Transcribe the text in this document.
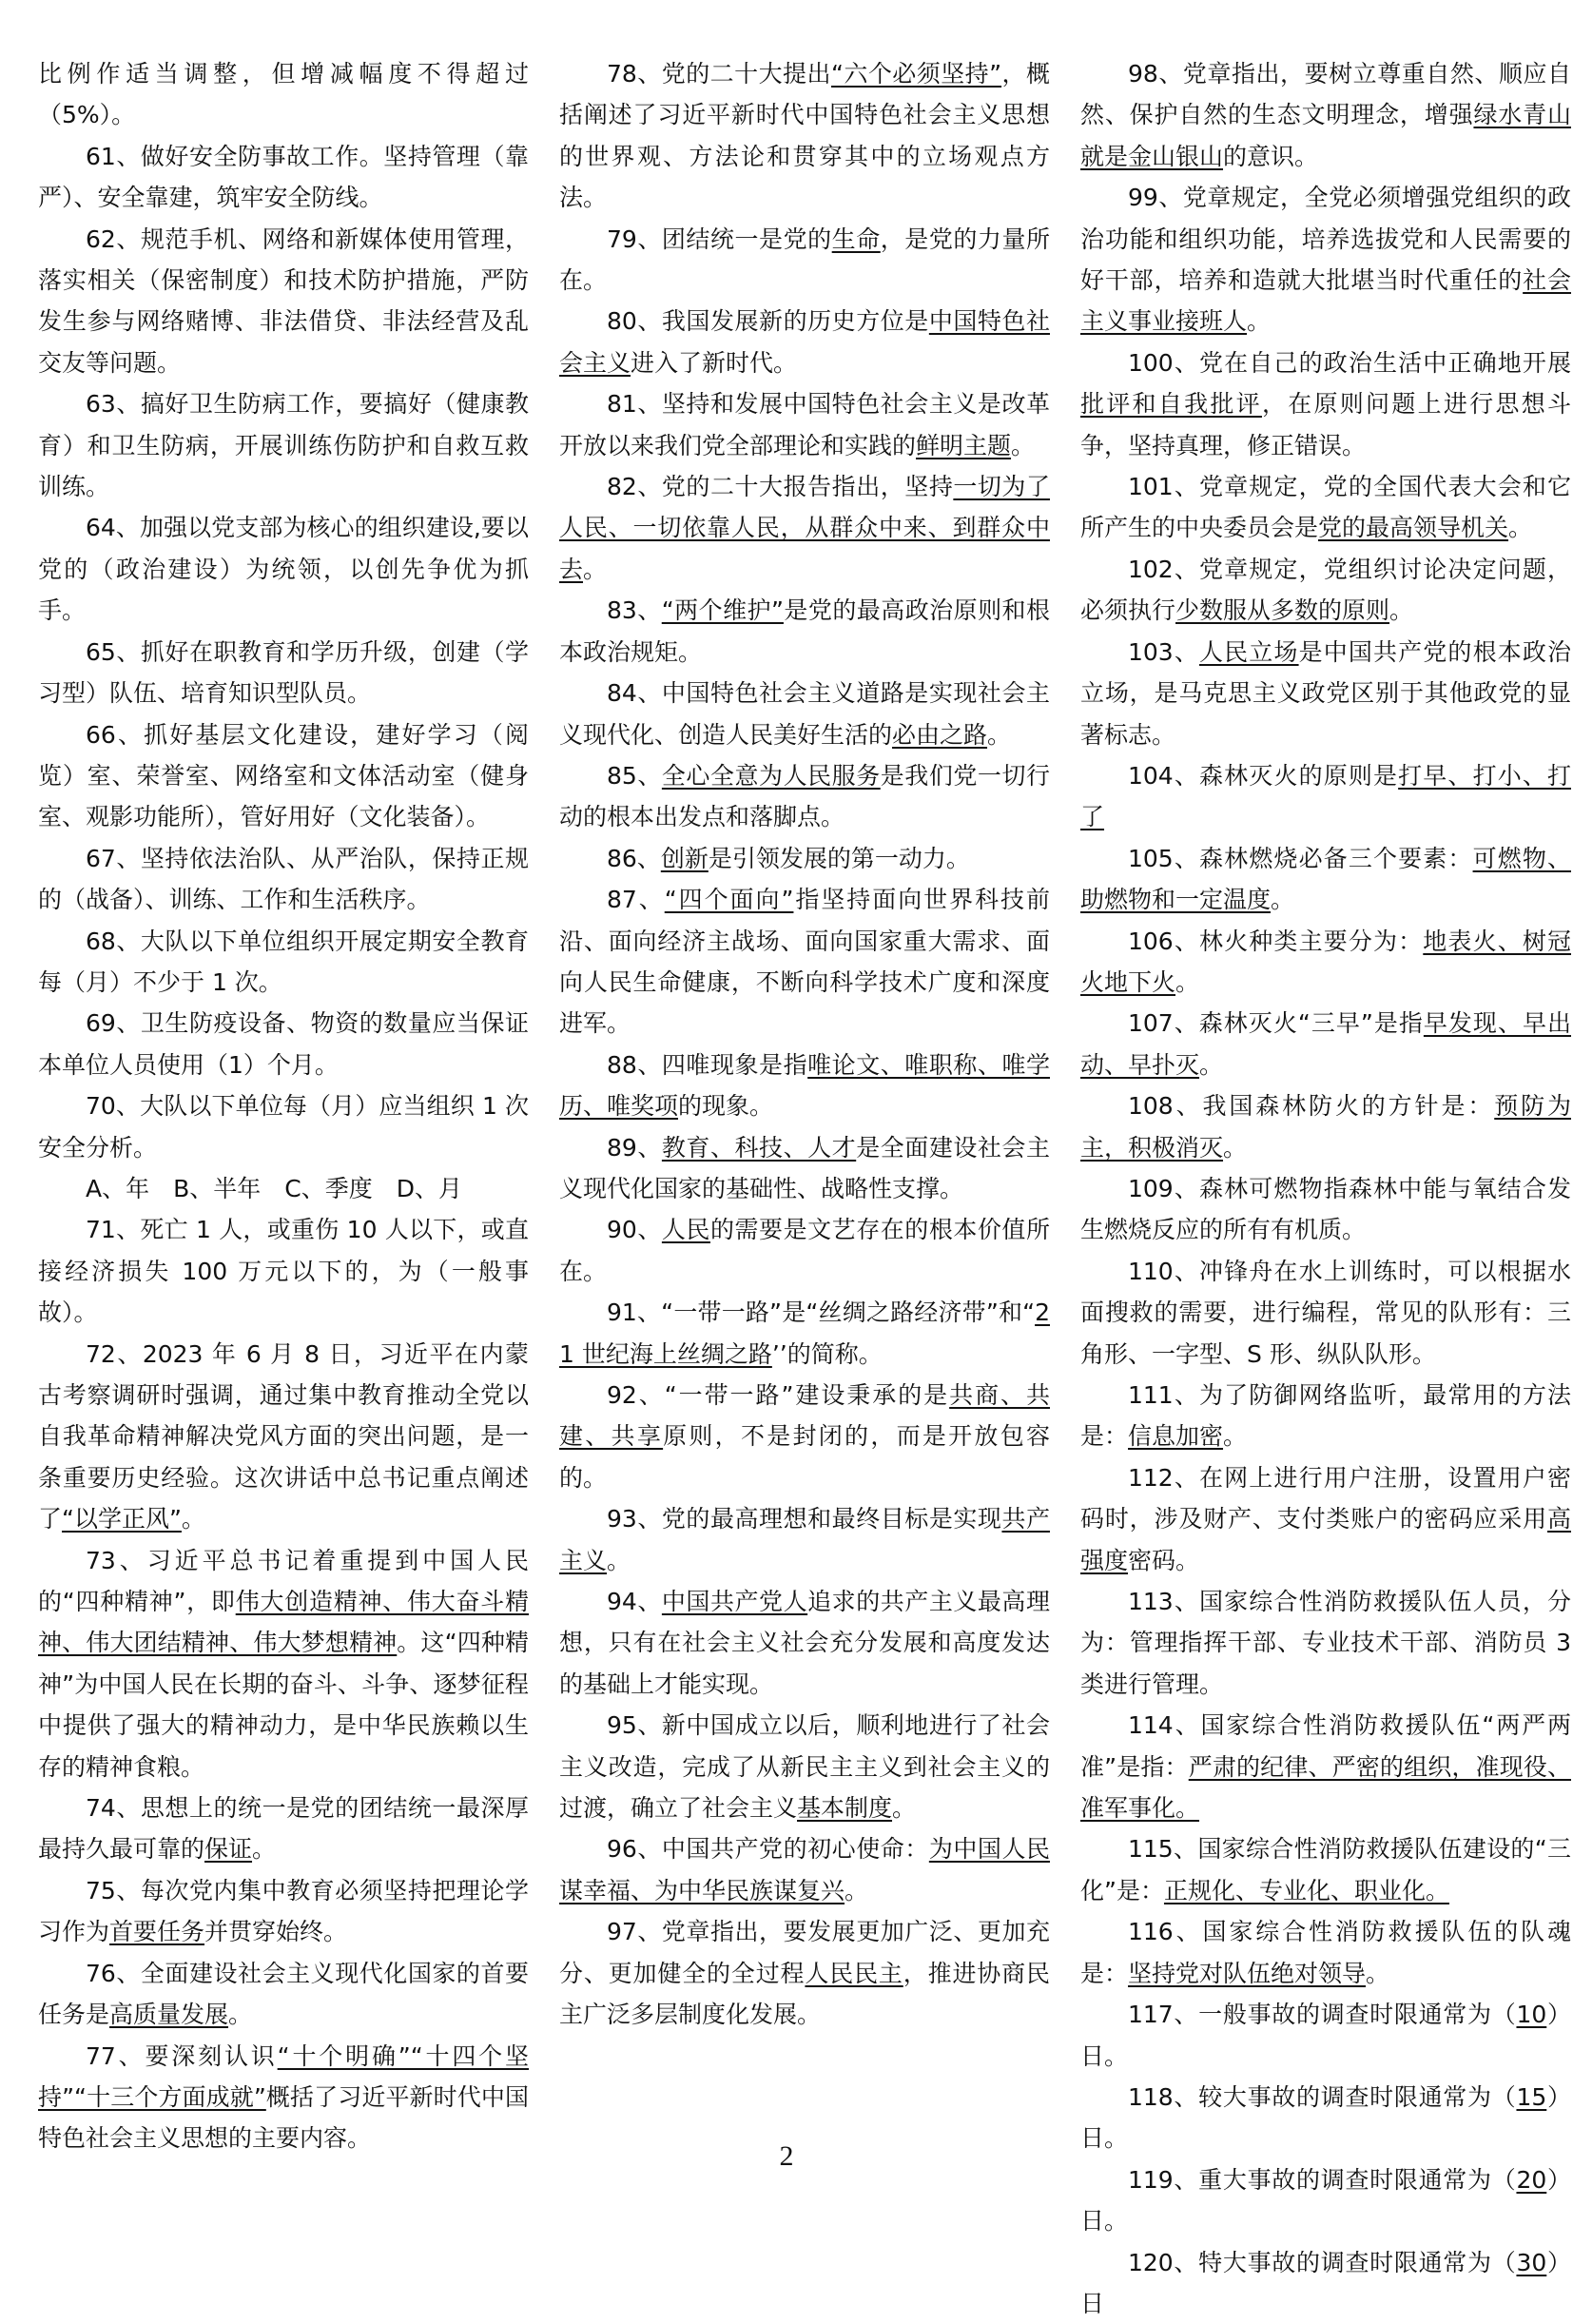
比例作适当调整，但增减幅度不得超过（5%）。

61、做好安全防事故工作。坚持管理（靠严）、安全靠建，筑牢安全防线。

62、规范手机、网络和新媒体使用管理，落实相关（保密制度）和技术防护措施，严防发生参与网络赌博、非法借贷、非法经营及乱交友等问题。

63、搞好卫生防病工作，要搞好（健康教育）和卫生防病，开展训练伤防护和自救互救训练。

64、加强以党支部为核心的组织建设,要以党的（政治建设）为统领，以创先争优为抓手。

65、抓好在职教育和学历升级，创建（学习型）队伍、培育知识型队员。

66、抓好基层文化建设，建好学习（阅览）室、荣誉室、网络室和文体活动室（健身室、观影功能所），管好用好（文化装备）。

67、坚持依法治队、从严治队，保持正规的（战备）、训练、工作和生活秩序。

68、大队以下单位组织开展定期安全教育每（月）不少于 1 次。

69、卫生防疫设备、物资的数量应当保证本单位人员使用（1）个月。

70、大队以下单位每（月）应当组织 1 次安全分析。

A、年　B、半年　C、季度　D、月

71、死亡 1 人，或重伤 10 人以下，或直接经济损失 100 万元以下的，为（一般事故）。

72、2023 年 6 月 8 日，习近平在内蒙古考察调研时强调，通过集中教育推动全党以自我革命精神解决党风方面的突出问题，是一条重要历史经验。这次讲话中总书记重点阐述了“以学正风”。

73、习近平总书记着重提到中国人民的“四种精神”，即伟大创造精神、伟大奋斗精神、伟大团结精神、伟大梦想精神。这“四种精神”为中国人民在长期的奋斗、斗争、逐梦征程中提供了强大的精神动力，是中华民族赖以生存的精神食粮。

74、思想上的统一是党的团结统一最深厚最持久最可靠的保证。

75、每次党内集中教育必须坚持把理论学习作为首要任务并贯穿始终。

76、全面建设社会主义现代化国家的首要任务是高质量发展。

77、要深刻认识“十个明确”“十四个坚持”“十三个方面成就”概括了习近平新时代中国特色社会主义思想的主要内容。

78、党的二十大提出“六个必须坚持”，概括阐述了习近平新时代中国特色社会主义思想的世界观、方法论和贯穿其中的立场观点方法。

79、团结统一是党的生命，是党的力量所在。

80、我国发展新的历史方位是中国特色社会主义进入了新时代。

81、坚持和发展中国特色社会主义是改革开放以来我们党全部理论和实践的鲜明主题。

82、党的二十大报告指出，坚持一切为了人民、一切依靠人民，从群众中来、到群众中去。

83、“两个维护”是党的最高政治原则和根本政治规矩。

84、中国特色社会主义道路是实现社会主义现代化、创造人民美好生活的必由之路。

85、全心全意为人民服务是我们党一切行动的根本出发点和落脚点。

86、创新是引领发展的第一动力。

87、“四个面向”指坚持面向世界科技前沿、面向经济主战场、面向国家重大需求、面向人民生命健康，不断向科学技术广度和深度进军。

88、四唯现象是指唯论文、唯职称、唯学历、唯奖项的现象。

89、教育、科技、人才是全面建设社会主义现代化国家的基础性、战略性支撑。

90、人民的需要是文艺存在的根本价值所在。

91、“一带一路”是“丝绸之路经济带”和“21 世纪海上丝绸之路’’的简称。

92、“一带一路”建设秉承的是共商、共建、共享原则，不是封闭的，而是开放包容的。

93、党的最高理想和最终目标是实现共产主义。

94、中国共产党人追求的共产主义最高理想，只有在社会主义社会充分发展和高度发达的基础上才能实现。

95、新中国成立以后，顺利地进行了社会主义改造，完成了从新民主主义到社会主义的过渡，确立了社会主义基本制度。

96、中国共产党的初心使命：为中国人民谋幸福、为中华民族谋复兴。

97、党章指出，要发展更加广泛、更加充分、更加健全的全过程人民民主，推进协商民主广泛多层制度化发展。

98、党章指出，要树立尊重自然、顺应自然、保护自然的生态文明理念，增强绿水青山就是金山银山的意识。

99、党章规定，全党必须增强党组织的政治功能和组织功能，培养选拔党和人民需要的好干部，培养和造就大批堪当时代重任的社会主义事业接班人。

100、党在自己的政治生活中正确地开展批评和自我批评，在原则问题上进行思想斗争，坚持真理，修正错误。

101、党章规定，党的全国代表大会和它所产生的中央委员会是党的最高领导机关。

102、党章规定，党组织讨论决定问题，必须执行少数服从多数的原则。

103、人民立场是中国共产党的根本政治立场，是马克思主义政党区别于其他政党的显著标志。

104、森林灭火的原则是打早、打小、打了

105、森林燃烧必备三个要素：可燃物、助燃物和一定温度。

106、林火种类主要分为：地表火、树冠火地下火。

107、森林灭火“三早”是指早发现、早出动、早扑灭。

108、我国森林防火的方针是：预防为主，积极消灭。

109、森林可燃物指森林中能与氧结合发生燃烧反应的所有有机质。

110、冲锋舟在水上训练时，可以根据水面搜救的需要，进行编程，常见的队形有：三角形、一字型、S 形、纵队队形。

111、为了防御网络监听，最常用的方法是：信息加密。

112、在网上进行用户注册，设置用户密码时，涉及财产、支付类账户的密码应采用高强度密码。

113、国家综合性消防救援队伍人员，分为：管理指挥干部、专业技术干部、消防员 3 类进行管理。

114、国家综合性消防救援队伍“两严两准”是指：严肃的纪律、严密的组织，准现役、准军事化。

115、国家综合性消防救援队伍建设的“三化”是：正规化、专业化、职业化。

116、国家综合性消防救援队伍的队魂是：坚持党对队伍绝对领导。

117、一般事故的调查时限通常为（10）日。

118、较大事故的调查时限通常为（15）日。

119、重大事故的调查时限通常为（20）日。

120、特大事故的调查时限通常为（30）日

2
